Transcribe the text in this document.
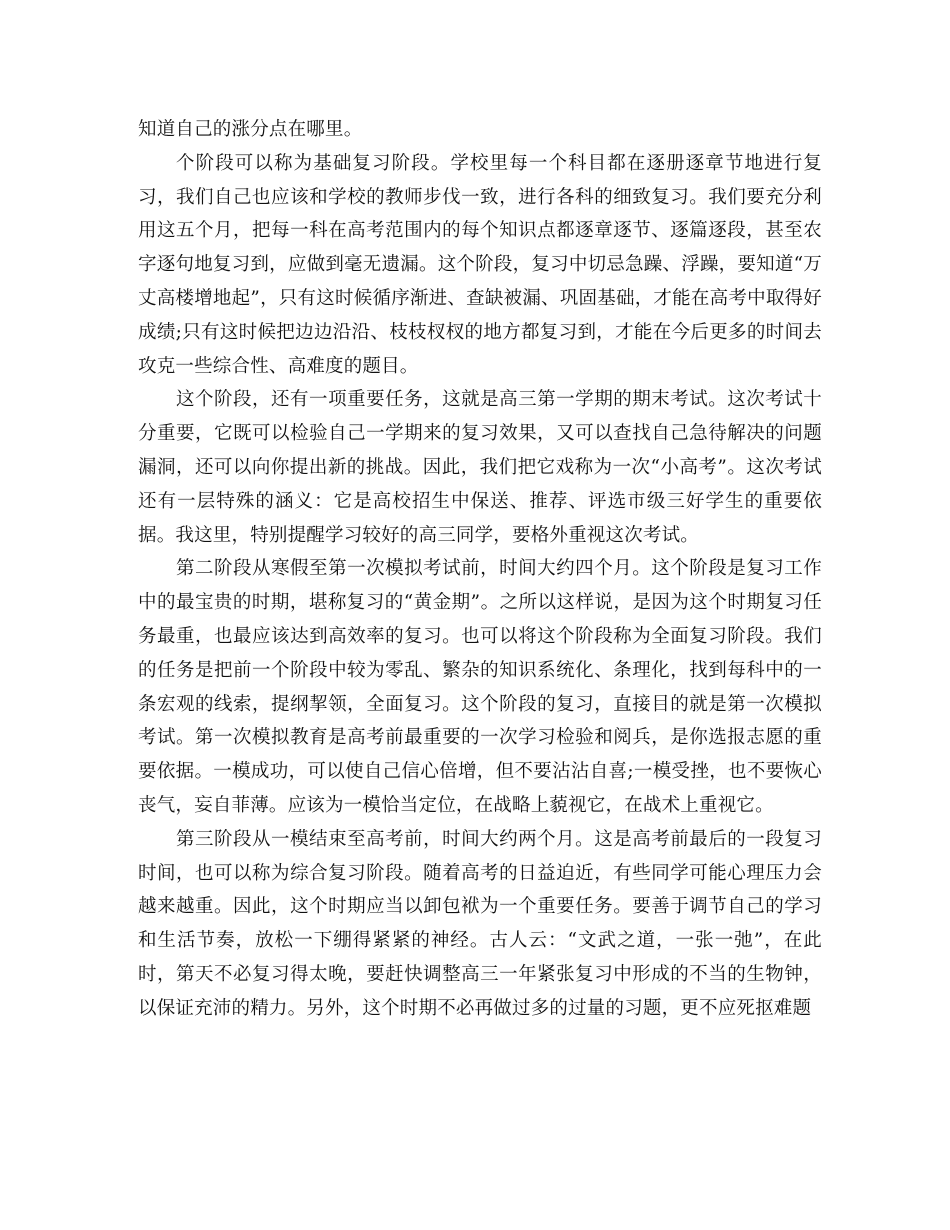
知道自己的涨分点在哪里。

个阶段可以称为基础复习阶段。学校里每一个科目都在逐册逐章节地进行复习，我们自己也应该和学校的教师步伐一致，进行各科的细致复习。我们要充分利用这五个月，把每一科在高考范围内的每个知识点都逐章逐节、逐篇逐段，甚至农字逐句地复习到，应做到毫无遗漏。这个阶段，复习中切忌急躁、浮躁，要知道“万丈高楼增地起”，只有这时候循序渐进、查缺被漏、巩固基础，才能在高考中取得好成绩;只有这时候把边边沿沿、枝枝杈杈的地方都复习到，才能在今后更多的时间去攻克一些综合性、高难度的题目。

这个阶段，还有一项重要任务，这就是高三第一学期的期末考试。这次考试十分重要，它既可以检验自己一学期来的复习效果，又可以查找自己急待解决的问题漏洞，还可以向你提出新的挑战。因此，我们把它戏称为一次“小高考”。这次考试还有一层特殊的涵义：它是高校招生中保送、推荐、评选市级三好学生的重要依据。我这里，特别提醒学习较好的高三同学，要格外重视这次考试。

第二阶段从寒假至第一次模拟考试前，时间大约四个月。这个阶段是复习工作中的最宝贵的时期，堪称复习的“黄金期”。之所以这样说，是因为这个时期复习任务最重，也最应该达到高效率的复习。也可以将这个阶段称为全面复习阶段。我们的任务是把前一个阶段中较为零乱、繁杂的知识系统化、条理化，找到每科中的一条宏观的线索，提纲挈领，全面复习。这个阶段的复习，直接目的就是第一次模拟考试。第一次模拟教育是高考前最重要的一次学习检验和阅兵，是你选报志愿的重要依据。一模成功，可以使自己信心倍增，但不要沾沾自喜;一模受挫，也不要恢心丧气，妄自菲薄。应该为一模恰当定位，在战略上藐视它，在战术上重视它。

第三阶段从一模结束至高考前，时间大约两个月。这是高考前最后的一段复习时间，也可以称为综合复习阶段。随着高考的日益迫近，有些同学可能心理压力会越来越重。因此，这个时期应当以卸包袱为一个重要任务。要善于调节自己的学习和生活节奏，放松一下绷得紧紧的神经。古人云：“文武之道，一张一弛”，在此时，第天不必复习得太晚，要赶快调整高三一年紧张复习中形成的不当的生物钟，以保证充沛的精力。另外，这个时期不必再做过多的过量的习题，更不应死抠难题
